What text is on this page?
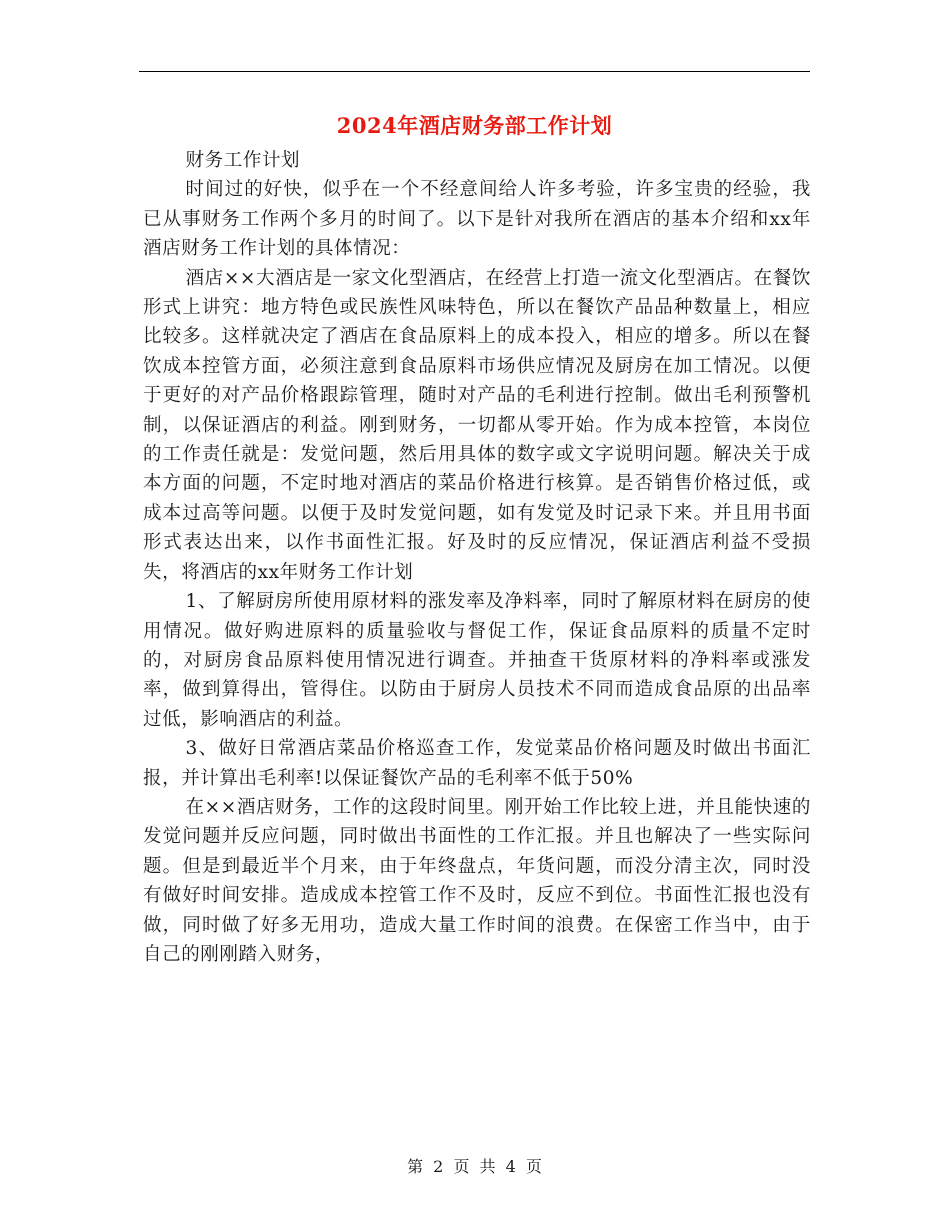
2024年酒店财务部工作计划

财务工作计划

时间过的好快，似乎在一个不经意间给人许多考验，许多宝贵的经验，我已从事财务工作两个多月的时间了。以下是针对我所在酒店的基本介绍和xx年酒店财务工作计划的具体情况：

酒店××大酒店是一家文化型酒店，在经营上打造一流文化型酒店。在餐饮形式上讲究：地方特色或民族性风味特色，所以在餐饮产品品种数量上，相应比较多。这样就决定了酒店在食品原料上的成本投入，相应的增多。所以在餐饮成本控管方面，必须注意到食品原料市场供应情况及厨房在加工情况。以便于更好的对产品价格跟踪管理，随时对产品的毛利进行控制。做出毛利预警机制，以保证酒店的利益。刚到财务，一切都从零开始。作为成本控管，本岗位的工作责任就是：发觉问题，然后用具体的数字或文字说明问题。解决关于成本方面的问题，不定时地对酒店的菜品价格进行核算。是否销售价格过低，或成本过高等问题。以便于及时发觉问题，如有发觉及时记录下来。并且用书面形式表达出来，以作书面性汇报。好及时的反应情况，保证酒店利益不受损失，将酒店的xx年财务工作计划

1、了解厨房所使用原材料的涨发率及净料率，同时了解原材料在厨房的使用情况。做好购进原料的质量验收与督促工作，保证食品原料的质量不定时的，对厨房食品原料使用情况进行调查。并抽查干货原材料的净料率或涨发率，做到算得出，管得住。以防由于厨房人员技术不同而造成食品原的出品率过低，影响酒店的利益。

3、做好日常酒店菜品价格巡查工作，发觉菜品价格问题及时做出书面汇报，并计算出毛利率!以保证餐饮产品的毛利率不低于50%

在××酒店财务，工作的这段时间里。刚开始工作比较上进，并且能快速的发觉问题并反应问题，同时做出书面性的工作汇报。并且也解决了一些实际问题。但是到最近半个月来，由于年终盘点，年货问题，而没分清主次，同时没有做好时间安排。造成成本控管工作不及时，反应不到位。书面性汇报也没有做，同时做了好多无用功，造成大量工作时间的浪费。在保密工作当中，由于自己的刚刚踏入财务，

第 2 页 共 4 页
